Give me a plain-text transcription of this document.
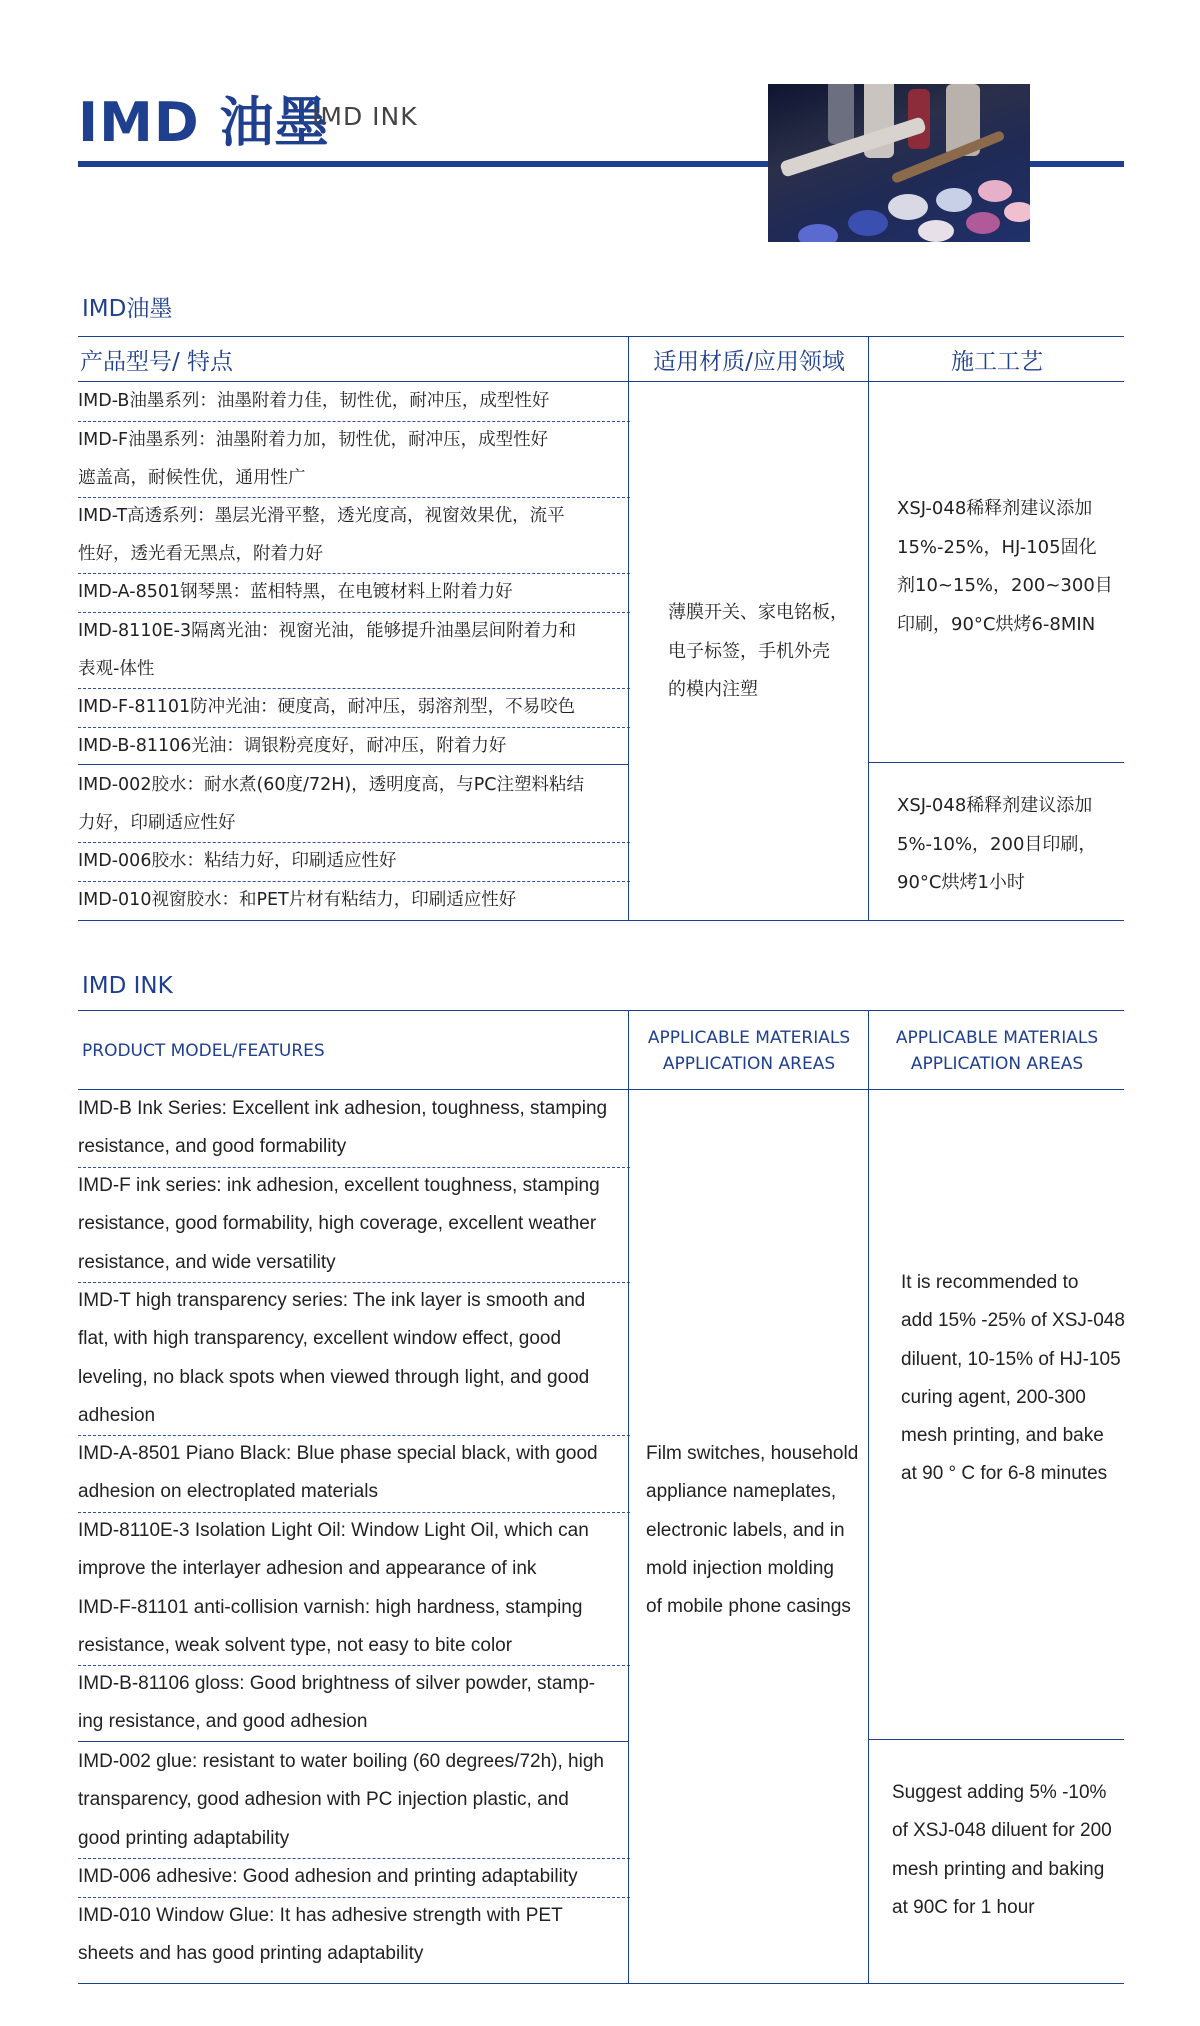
IMD 油墨
IMD INK
IMD油墨
产品型号/ 特点	适用材质/应用领域	施工工艺
IMD-B油墨系列：油墨附着力佳，韧性优，耐冲压，成型性好
IMD-F油墨系列：油墨附着力加，韧性优，耐冲压，成型性好
遮盖高，耐候性优，通用性广
IMD-T高透系列：墨层光滑平整，透光度高，视窗效果优，流平
性好，透光看无黑点，附着力好
IMD-A-8501钢琴黑：蓝相特黑，在电镀材料上附着力好
IMD-8110E-3隔离光油：视窗光油，能够提升油墨层间附着力和
表观-体性
IMD-F-81101防冲光油：硬度高，耐冲压，弱溶剂型，不易咬色
IMD-B-81106光油：调银粉亮度好，耐冲压，附着力好
IMD-002胶水：耐水煮(60度/72H)，透明度高，与PC注塑料粘结
力好，印刷适应性好
IMD-006胶水：粘结力好，印刷适应性好
IMD-010视窗胶水：和PET片材有粘结力，印刷适应性好
薄膜开关、家电铭板，
电子标签，手机外壳
的模内注塑
XSJ-048稀释剂建议添加
15%-25%，HJ-105固化
剂10~15%，200~300目
印刷，90°C烘烤6-8MIN
XSJ-048稀释剂建议添加
5%-10%，200目印刷，
90°C烘烤1小时
IMD INK
PRODUCT MODEL/FEATURES
APPLICABLE MATERIALS
APPLICATION AREAS
APPLICABLE MATERIALS
APPLICATION AREAS
IMD-B Ink Series: Excellent ink adhesion, toughness, stamping
resistance, and good formability
IMD-F ink series: ink adhesion, excellent toughness, stamping
resistance, good formability, high coverage, excellent weather
resistance, and wide versatility
IMD-T high transparency series: The ink layer is smooth and
flat, with high transparency, excellent window effect, good
leveling, no black spots when viewed through light, and good
adhesion
IMD-A-8501 Piano Black: Blue phase special black, with good
adhesion on electroplated materials
IMD-8110E-3 Isolation Light Oil: Window Light Oil, which can
improve the interlayer adhesion and appearance of ink
IMD-F-81101 anti-collision varnish: high hardness, stamping
resistance, weak solvent type, not easy to bite color
IMD-B-81106 gloss: Good brightness of silver powder, stamp-
ing resistance, and good adhesion
IMD-002 glue: resistant to water boiling (60 degrees/72h), high
transparency, good adhesion with PC injection plastic, and
good printing adaptability
IMD-006 adhesive: Good adhesion and printing adaptability
IMD-010 Window Glue: It has adhesive strength with PET
sheets and has good printing adaptability
Film switches, household
appliance nameplates,
electronic labels, and in
mold injection molding
of mobile phone casings
It is recommended to
add 15% -25% of XSJ-048
diluent, 10-15% of HJ-105
curing agent, 200-300
mesh printing, and bake
at 90 ° C for 6-8 minutes
Suggest adding 5% -10%
of XSJ-048 diluent for 200
mesh printing and baking
at 90C for 1 hour
